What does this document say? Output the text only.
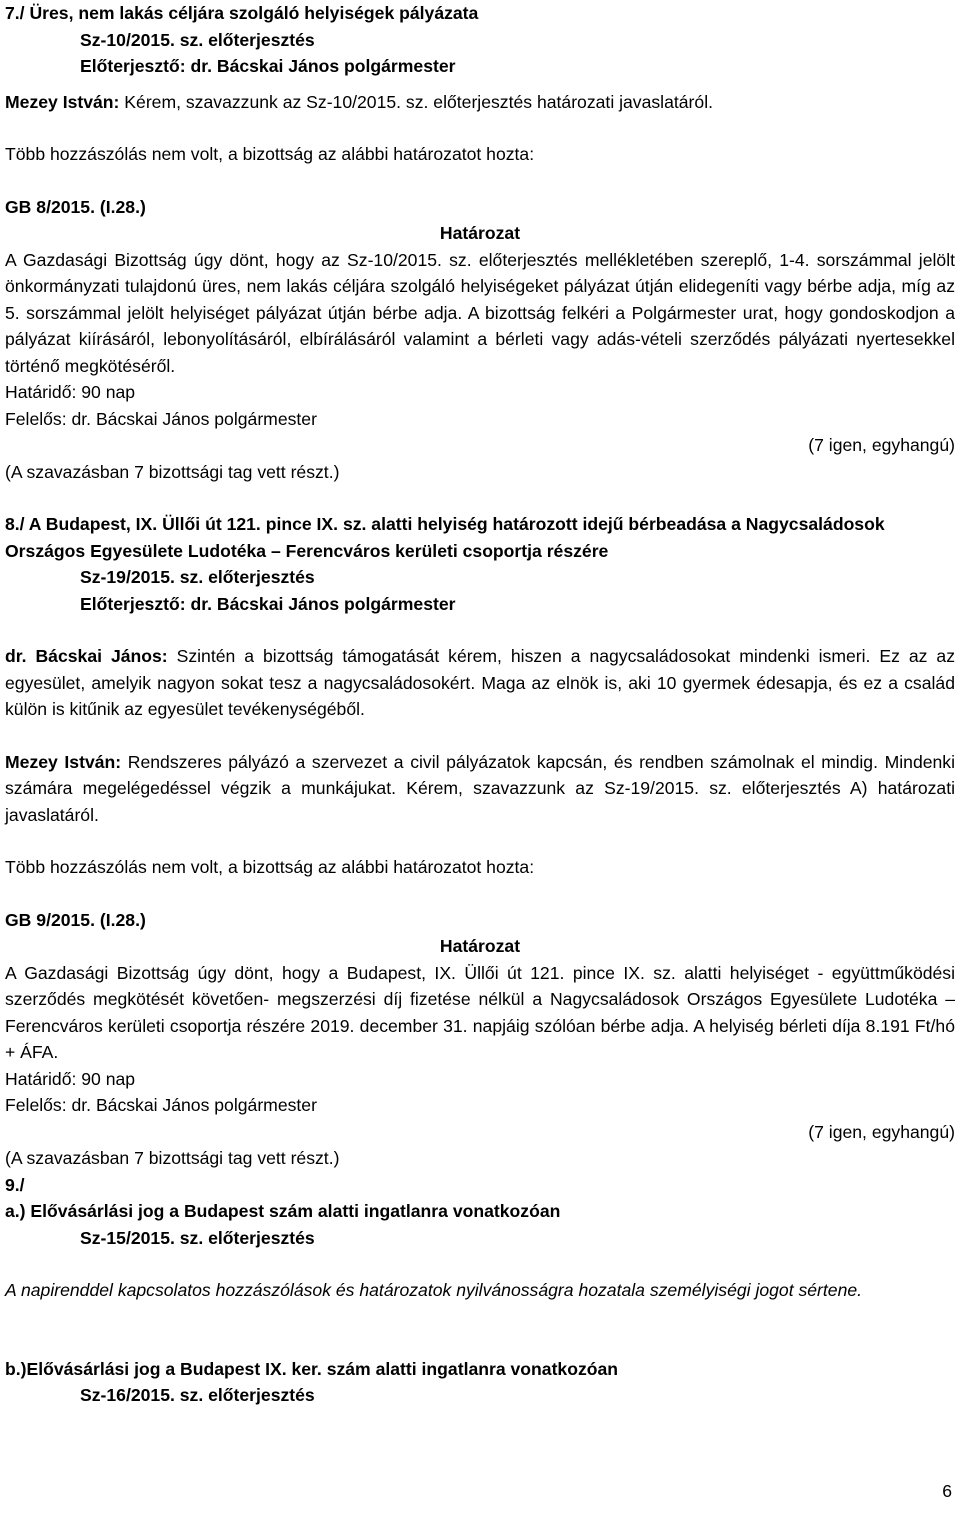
7./ Üres, nem lakás céljára szolgáló helyiségek pályázata

Sz-10/2015. sz. előterjesztés

Előterjesztő: dr. Bácskai János polgármester

Mezey István: Kérem, szavazzunk az Sz-10/2015. sz. előterjesztés határozati javaslatáról.

Több hozzászólás nem volt, a bizottság az alábbi határozatot hozta:

GB 8/2015. (I.28.)

Határozat

A Gazdasági Bizottság úgy dönt, hogy az Sz-10/2015. sz. előterjesztés mellékletében szereplő, 1-4. sorszámmal jelölt önkormányzati tulajdonú üres, nem lakás céljára szolgáló helyiségeket pályázat útján elidegeníti vagy bérbe adja, míg az 5. sorszámmal jelölt helyiséget pályázat útján bérbe adja. A bizottság felkéri a Polgármester urat, hogy gondoskodjon a pályázat kiírásáról, lebonyolításáról, elbírálásáról valamint a bérleti vagy adás-vételi szerződés pályázati nyertesekkel történő megkötéséről.

Határidő: 90 nap

Felelős: dr. Bácskai János polgármester

(7 igen, egyhangú)

(A szavazásban 7 bizottsági tag vett részt.)

8./ A Budapest, IX. Üllői út 121. pince IX. sz. alatti helyiség határozott idejű bérbeadása a Nagycsaládosok

Országos Egyesülete Ludotéka – Ferencváros kerületi csoportja részére

Sz-19/2015. sz. előterjesztés

Előterjesztő: dr. Bácskai János polgármester

dr. Bácskai János: Szintén a bizottság támogatását kérem, hiszen a nagycsaládosokat mindenki ismeri. Ez az az egyesület, amelyik nagyon sokat tesz a nagycsaládosokért. Maga az elnök is, aki 10 gyermek édesapja, és ez a család külön is kitűnik az egyesület tevékenységéből.

Mezey István: Rendszeres pályázó a szervezet a civil pályázatok kapcsán, és rendben számolnak el mindig. Mindenki számára megelégedéssel végzik a munkájukat. Kérem, szavazzunk az Sz-19/2015. sz. előterjesztés A) határozati javaslatáról.

Több hozzászólás nem volt, a bizottság az alábbi határozatot hozta:

GB 9/2015. (I.28.)

Határozat

A Gazdasági Bizottság úgy dönt, hogy a Budapest, IX. Üllői út 121. pince IX. sz. alatti helyiséget - együttműködési szerződés megkötését követően- megszerzési díj fizetése nélkül a Nagycsaládosok Országos Egyesülete Ludotéka – Ferencváros kerületi csoportja részére 2019. december 31. napjáig szólóan bérbe adja. A helyiség bérleti díja 8.191 Ft/hó + ÁFA.

Határidő: 90 nap

Felelős: dr. Bácskai János polgármester

(7 igen, egyhangú)

(A szavazásban 7 bizottsági tag vett részt.)

9./

a.) Elővásárlási jog a Budapest szám alatti ingatlanra vonatkozóan

Sz-15/2015. sz. előterjesztés

A napirenddel kapcsolatos hozzászólások és határozatok nyilvánosságra hozatala személyiségi jogot sértene.

b.)Elővásárlási jog a Budapest IX. ker. szám alatti ingatlanra vonatkozóan

Sz-16/2015. sz. előterjesztés

6
